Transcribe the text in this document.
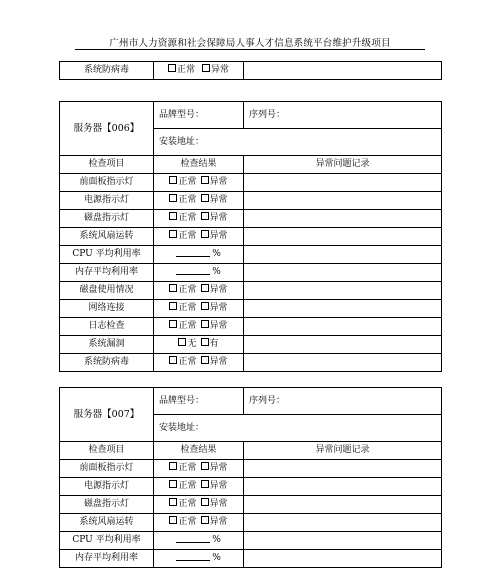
广州市人力资源和社会保障局人事人才信息系统平台维护升级项目
系统防病毒	正常 异常	
服务器【006】	品牌型号：	序列号：
	安装地址：	
检查项目	检查结果	异常问题记录
前面板指示灯	正常 异常	
电源指示灯	正常 异常	
磁盘指示灯	正常 异常	
系统风扇运转	正常 异常	
CPU 平均利用率	%	
内存平均利用率	%	
磁盘使用情况	正常 异常	
网络连接	正常 异常	
日志检查	正常 异常	
系统漏洞	无 有	
系统防病毒	正常 异常	
服务器【007】	品牌型号：	序列号：
	安装地址：	
检查项目	检查结果	异常问题记录
前面板指示灯	正常 异常	
电源指示灯	正常 异常	
磁盘指示灯	正常 异常	
系统风扇运转	正常 异常	
CPU 平均利用率	%	
内存平均利用率	%	
